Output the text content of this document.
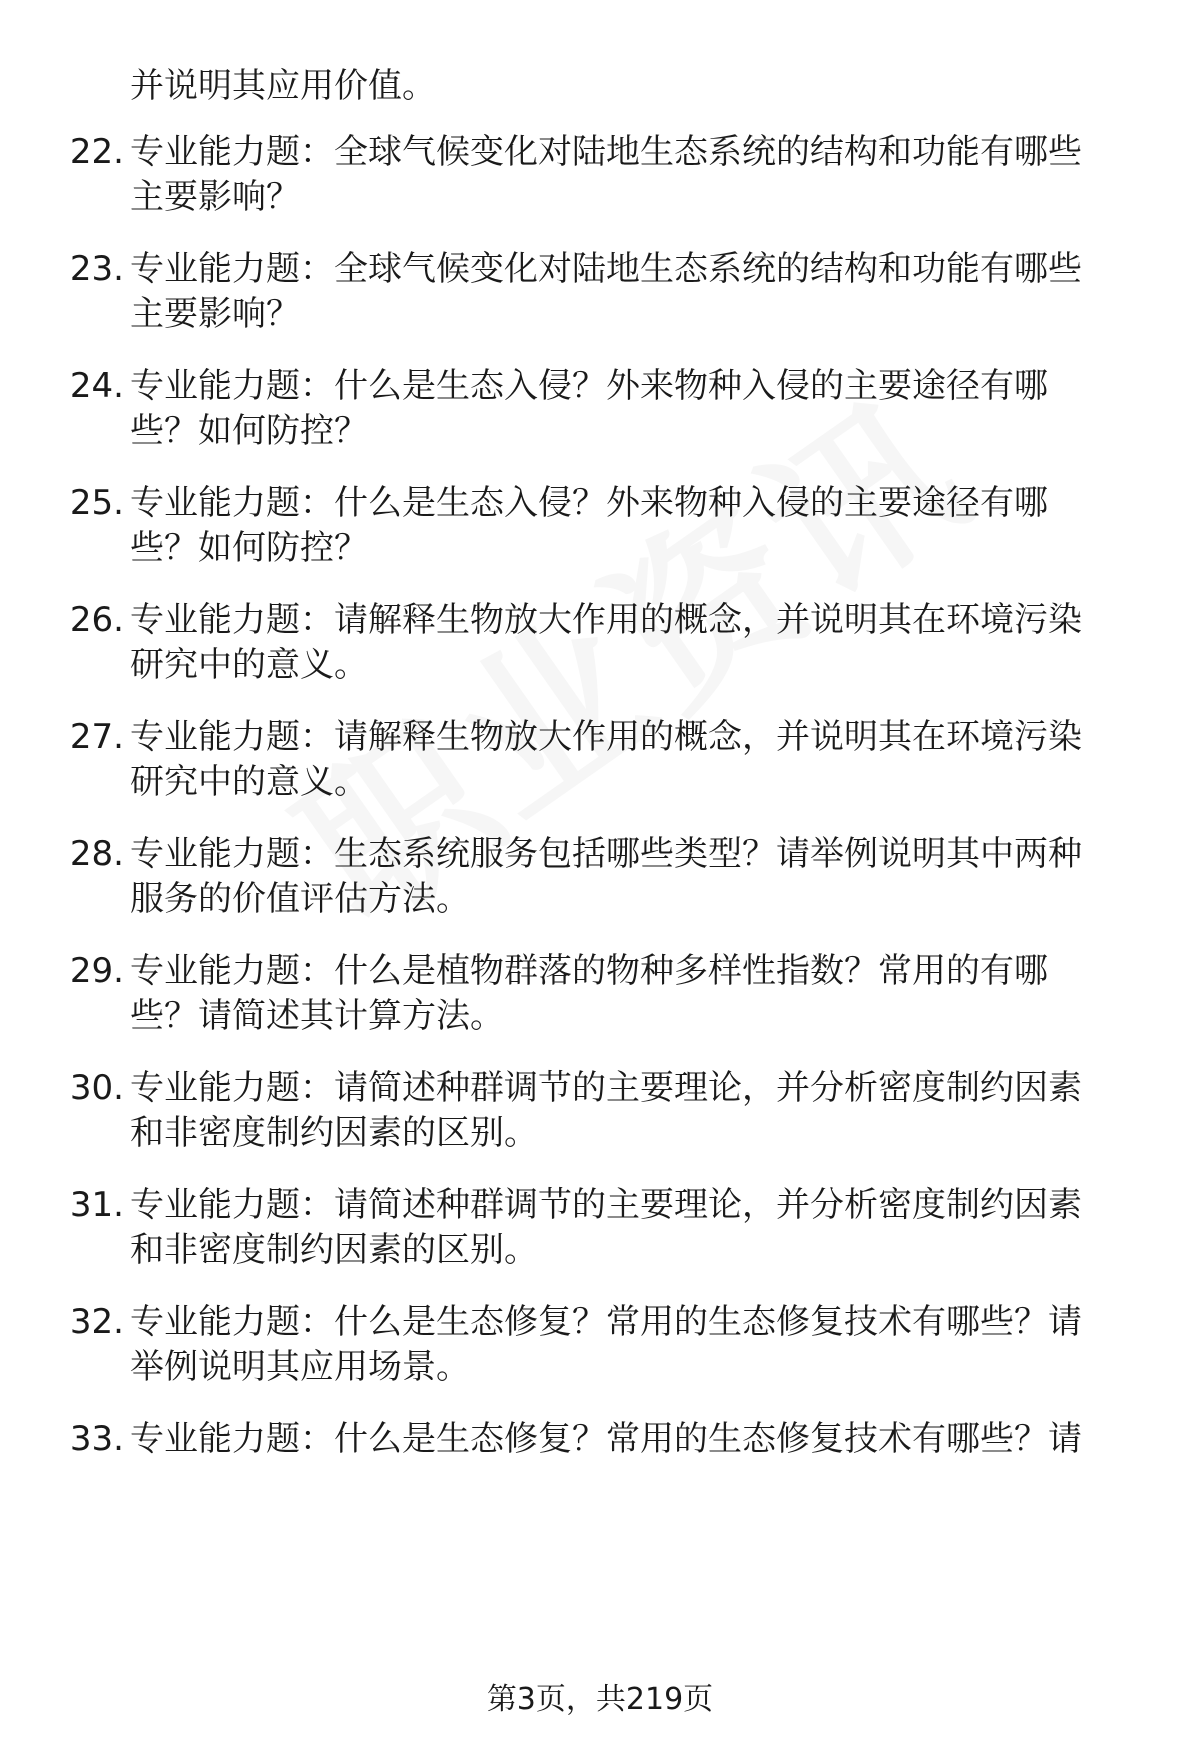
并说明其应用价值。
22. 专业能力题：全球气候变化对陆地生态系统的结构和功能有哪些
主要影响？
23. 专业能力题：全球气候变化对陆地生态系统的结构和功能有哪些
主要影响？
24. 专业能力题：什么是生态入侵？外来物种入侵的主要途径有哪
些？如何防控？
25. 专业能力题：什么是生态入侵？外来物种入侵的主要途径有哪
些？如何防控？
26. 专业能力题：请解释生物放大作用的概念，并说明其在环境污染
研究中的意义。
27. 专业能力题：请解释生物放大作用的概念，并说明其在环境污染
研究中的意义。
28. 专业能力题：生态系统服务包括哪些类型？请举例说明其中两种
服务的价值评估方法。
29. 专业能力题：什么是植物群落的物种多样性指数？常用的有哪
些？请简述其计算方法。
30. 专业能力题：请简述种群调节的主要理论，并分析密度制约因素
和非密度制约因素的区别。
31. 专业能力题：请简述种群调节的主要理论，并分析密度制约因素
和非密度制约因素的区别。
32. 专业能力题：什么是生态修复？常用的生态修复技术有哪些？请
举例说明其应用场景。
33. 专业能力题：什么是生态修复？常用的生态修复技术有哪些？请
第3页，共219页
